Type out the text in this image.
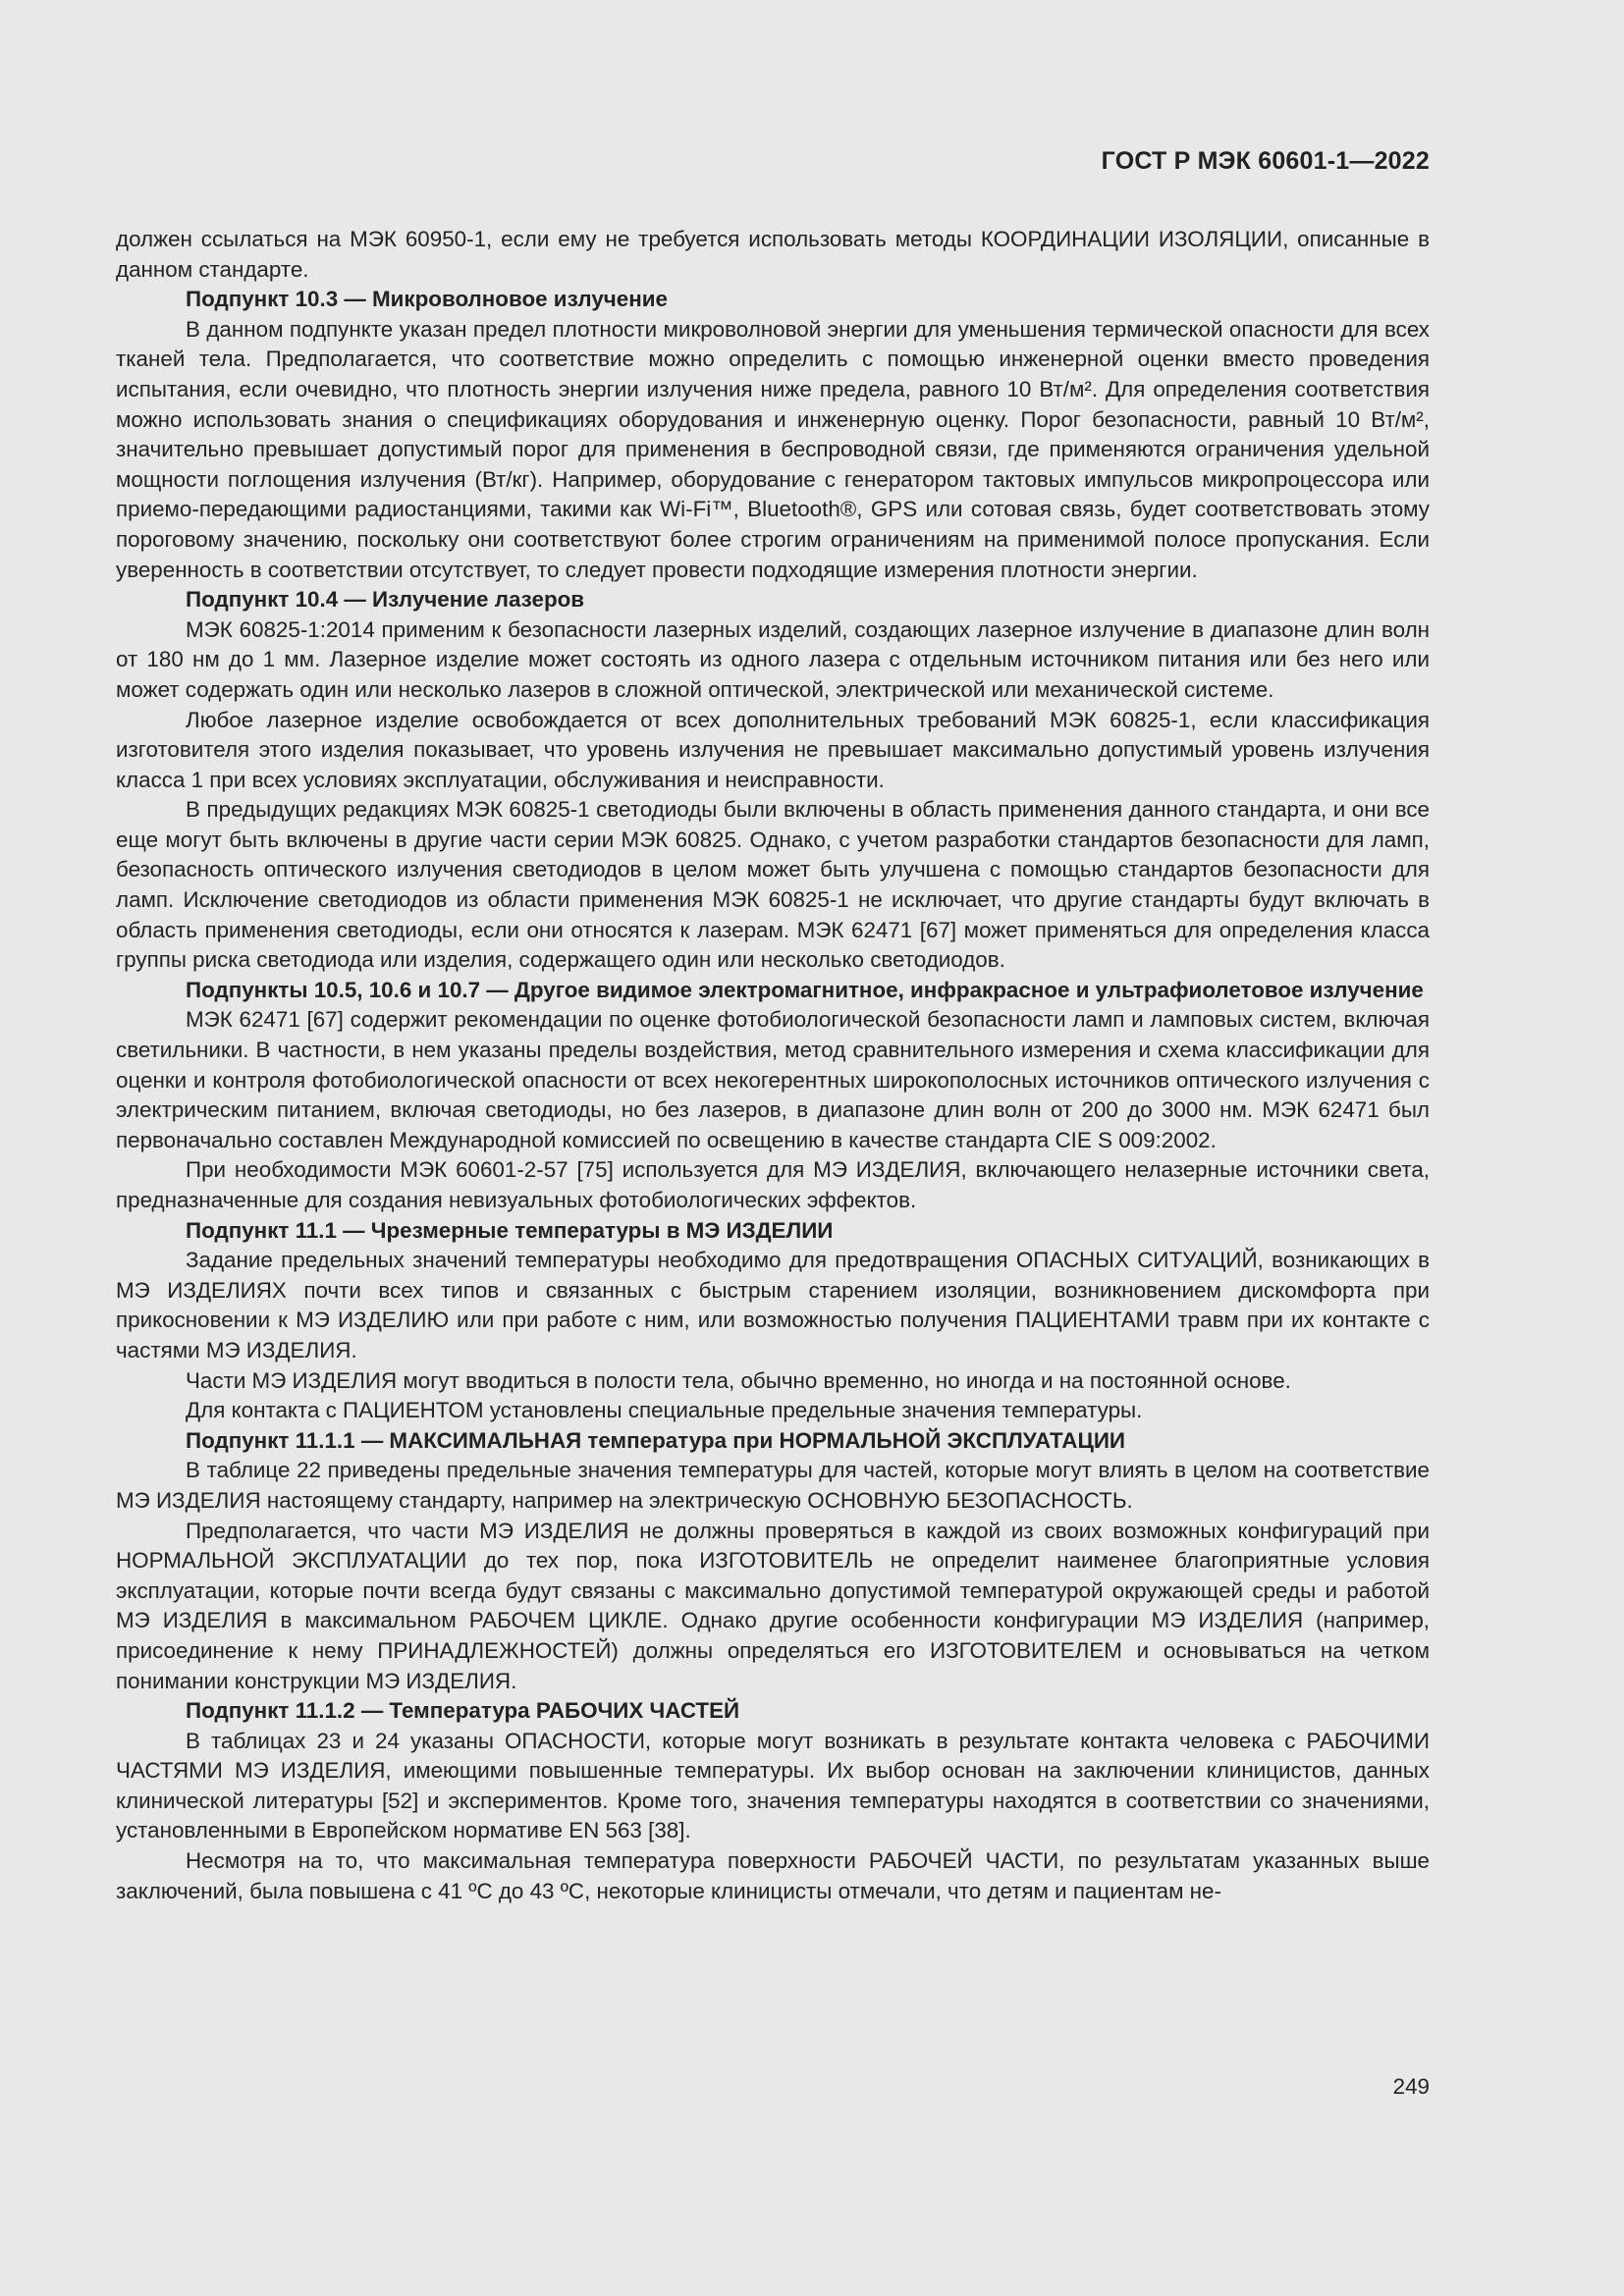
ГОСТ Р МЭК 60601-1—2022

должен ссылаться на МЭК 60950-1, если ему не требуется использовать методы КООРДИНАЦИИ ИЗОЛЯЦИИ, описанные в данном стандарте.

Подпункт 10.3 — Микроволновое излучение

В данном подпункте указан предел плотности микроволновой энергии для уменьшения термической опасности для всех тканей тела. Предполагается, что соответствие можно определить с помощью инженерной оценки вместо проведения испытания, если очевидно, что плотность энергии излучения ниже предела, равного 10 Вт/м². Для определения соответствия можно использовать знания о спецификациях оборудования и инженерную оценку. Порог безопасности, равный 10 Вт/м², значительно превышает допустимый порог для применения в беспроводной связи, где применяются ограничения удельной мощности поглощения излучения (Вт/кг). Например, оборудование с генератором тактовых импульсов микропроцессора или приемо-передающими радиостанциями, такими как Wi-Fi™, Bluetooth®, GPS или сотовая связь, будет соответствовать этому пороговому значению, поскольку они соответствуют более строгим ограничениям на применимой полосе пропускания. Если уверенность в соответствии отсутствует, то следует провести подходящие измерения плотности энергии.

Подпункт 10.4 — Излучение лазеров

МЭК 60825-1:2014 применим к безопасности лазерных изделий, создающих лазерное излучение в диапазоне длин волн от 180 нм до 1 мм. Лазерное изделие может состоять из одного лазера с отдельным источником питания или без него или может содержать один или несколько лазеров в сложной оптической, электрической или механической системе.

Любое лазерное изделие освобождается от всех дополнительных требований МЭК 60825-1, если классификация изготовителя этого изделия показывает, что уровень излучения не превышает максимально допустимый уровень излучения класса 1 при всех условиях эксплуатации, обслуживания и неисправности.

В предыдущих редакциях МЭК 60825-1 светодиоды были включены в область применения данного стандарта, и они все еще могут быть включены в другие части серии МЭК 60825. Однако, с учетом разработки стандартов безопасности для ламп, безопасность оптического излучения светодиодов в целом может быть улучшена с помощью стандартов безопасности для ламп. Исключение светодиодов из области применения МЭК 60825-1 не исключает, что другие стандарты будут включать в область применения светодиоды, если они относятся к лазерам. МЭК 62471 [67] может применяться для определения класса группы риска светодиода или изделия, содержащего один или несколько светодиодов.

Подпункты 10.5, 10.6 и 10.7 — Другое видимое электромагнитное, инфракрасное и ультрафиолетовое излучение

МЭК 62471 [67] содержит рекомендации по оценке фотобиологической безопасности ламп и ламповых систем, включая светильники. В частности, в нем указаны пределы воздействия, метод сравнительного измерения и схема классификации для оценки и контроля фотобиологической опасности от всех некогерентных широкополосных источников оптического излучения с электрическим питанием, включая светодиоды, но без лазеров, в диапазоне длин волн от 200 до 3000 нм. МЭК 62471 был первоначально составлен Международной комиссией по освещению в качестве стандарта CIE S 009:2002.

При необходимости МЭК 60601-2-57 [75] используется для МЭ ИЗДЕЛИЯ, включающего нелазерные источники света, предназначенные для создания невизуальных фотобиологических эффектов.

Подпункт 11.1 — Чрезмерные температуры в МЭ ИЗДЕЛИИ

Задание предельных значений температуры необходимо для предотвращения ОПАСНЫХ СИТУАЦИЙ, возникающих в МЭ ИЗДЕЛИЯХ почти всех типов и связанных с быстрым старением изоляции, возникновением дискомфорта при прикосновении к МЭ ИЗДЕЛИЮ или при работе с ним, или возможностью получения ПАЦИЕНТАМИ травм при их контакте с частями МЭ ИЗДЕЛИЯ.

Части МЭ ИЗДЕЛИЯ могут вводиться в полости тела, обычно временно, но иногда и на постоянной основе.

Для контакта с ПАЦИЕНТОМ установлены специальные предельные значения температуры.

Подпункт 11.1.1 — МАКСИМАЛЬНАЯ температура при НОРМАЛЬНОЙ ЭКСПЛУАТАЦИИ

В таблице 22 приведены предельные значения температуры для частей, которые могут влиять в целом на соответствие МЭ ИЗДЕЛИЯ настоящему стандарту, например на электрическую ОСНОВНУЮ БЕЗОПАСНОСТЬ.

Предполагается, что части МЭ ИЗДЕЛИЯ не должны проверяться в каждой из своих возможных конфигураций при НОРМАЛЬНОЙ ЭКСПЛУАТАЦИИ до тех пор, пока ИЗГОТОВИТЕЛЬ не определит наименее благоприятные условия эксплуатации, которые почти всегда будут связаны с максимально допустимой температурой окружающей среды и работой МЭ ИЗДЕЛИЯ в максимальном РАБОЧЕМ ЦИКЛЕ. Однако другие особенности конфигурации МЭ ИЗДЕЛИЯ (например, присоединение к нему ПРИНАДЛЕЖНОСТЕЙ) должны определяться его ИЗГОТОВИТЕЛЕМ и основываться на четком понимании конструкции МЭ ИЗДЕЛИЯ.

Подпункт 11.1.2 — Температура РАБОЧИХ ЧАСТЕЙ

В таблицах 23 и 24 указаны ОПАСНОСТИ, которые могут возникать в результате контакта человека с РАБОЧИМИ ЧАСТЯМИ МЭ ИЗДЕЛИЯ, имеющими повышенные температуры. Их выбор основан на заключении клиницистов, данных клинической литературы [52] и экспериментов. Кроме того, значения температуры находятся в соответствии со значениями, установленными в Европейском нормативе EN 563 [38].

Несмотря на то, что максимальная температура поверхности РАБОЧЕЙ ЧАСТИ, по результатам указанных выше заключений, была повышена с 41 ºС до 43 ºС, некоторые клиницисты отмечали, что детям и пациентам не-

249
